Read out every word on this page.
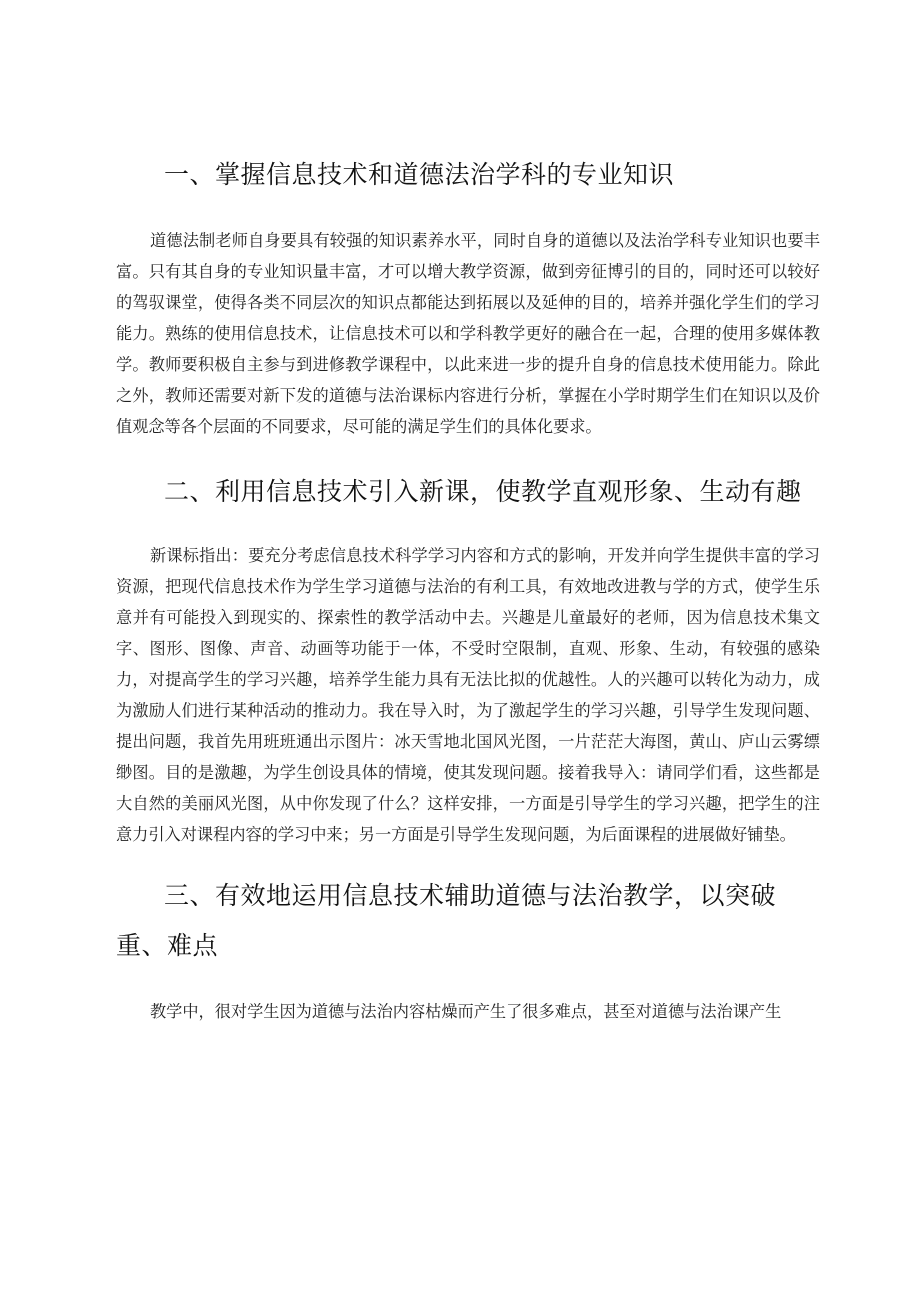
一、掌握信息技术和道德法治学科的专业知识

道德法制老师自身要具有较强的知识素养水平，同时自身的道德以及法治学科专业知识也要丰富。只有其自身的专业知识量丰富，才可以增大教学资源，做到旁征博引的目的，同时还可以较好的驾驭课堂，使得各类不同层次的知识点都能达到拓展以及延伸的目的，培养并强化学生们的学习能力。熟练的使用信息技术，让信息技术可以和学科教学更好的融合在一起，合理的使用多媒体教学。教师要积极自主参与到进修教学课程中，以此来进一步的提升自身的信息技术使用能力。除此之外，教师还需要对新下发的道德与法治课标内容进行分析，掌握在小学时期学生们在知识以及价值观念等各个层面的不同要求，尽可能的满足学生们的具体化要求。

二、利用信息技术引入新课，使教学直观形象、生动有趣

新课标指出：要充分考虑信息技术科学学习内容和方式的影响，开发并向学生提供丰富的学习资源，把现代信息技术作为学生学习道德与法治的有利工具，有效地改进教与学的方式，使学生乐意并有可能投入到现实的、探索性的教学活动中去。兴趣是儿童最好的老师，因为信息技术集文字、图形、图像、声音、动画等功能于一体，不受时空限制，直观、形象、生动，有较强的感染力，对提高学生的学习兴趣，培养学生能力具有无法比拟的优越性。人的兴趣可以转化为动力，成为激励人们进行某种活动的推动力。我在导入时，为了激起学生的学习兴趣，引导学生发现问题、提出问题，我首先用班班通出示图片：冰天雪地北国风光图，一片茫茫大海图，黄山、庐山云雾缥缈图。目的是激趣，为学生创设具体的情境，使其发现问题。接着我导入：请同学们看，这些都是大自然的美丽风光图，从中你发现了什么？这样安排，一方面是引导学生的学习兴趣，把学生的注意力引入对课程内容的学习中来；另一方面是引导学生发现问题，为后面课程的进展做好铺垫。

三、有效地运用信息技术辅助道德与法治教学，以突破重、难点

教学中，很对学生因为道德与法治内容枯燥而产生了很多难点，甚至对道德与法治课产生
